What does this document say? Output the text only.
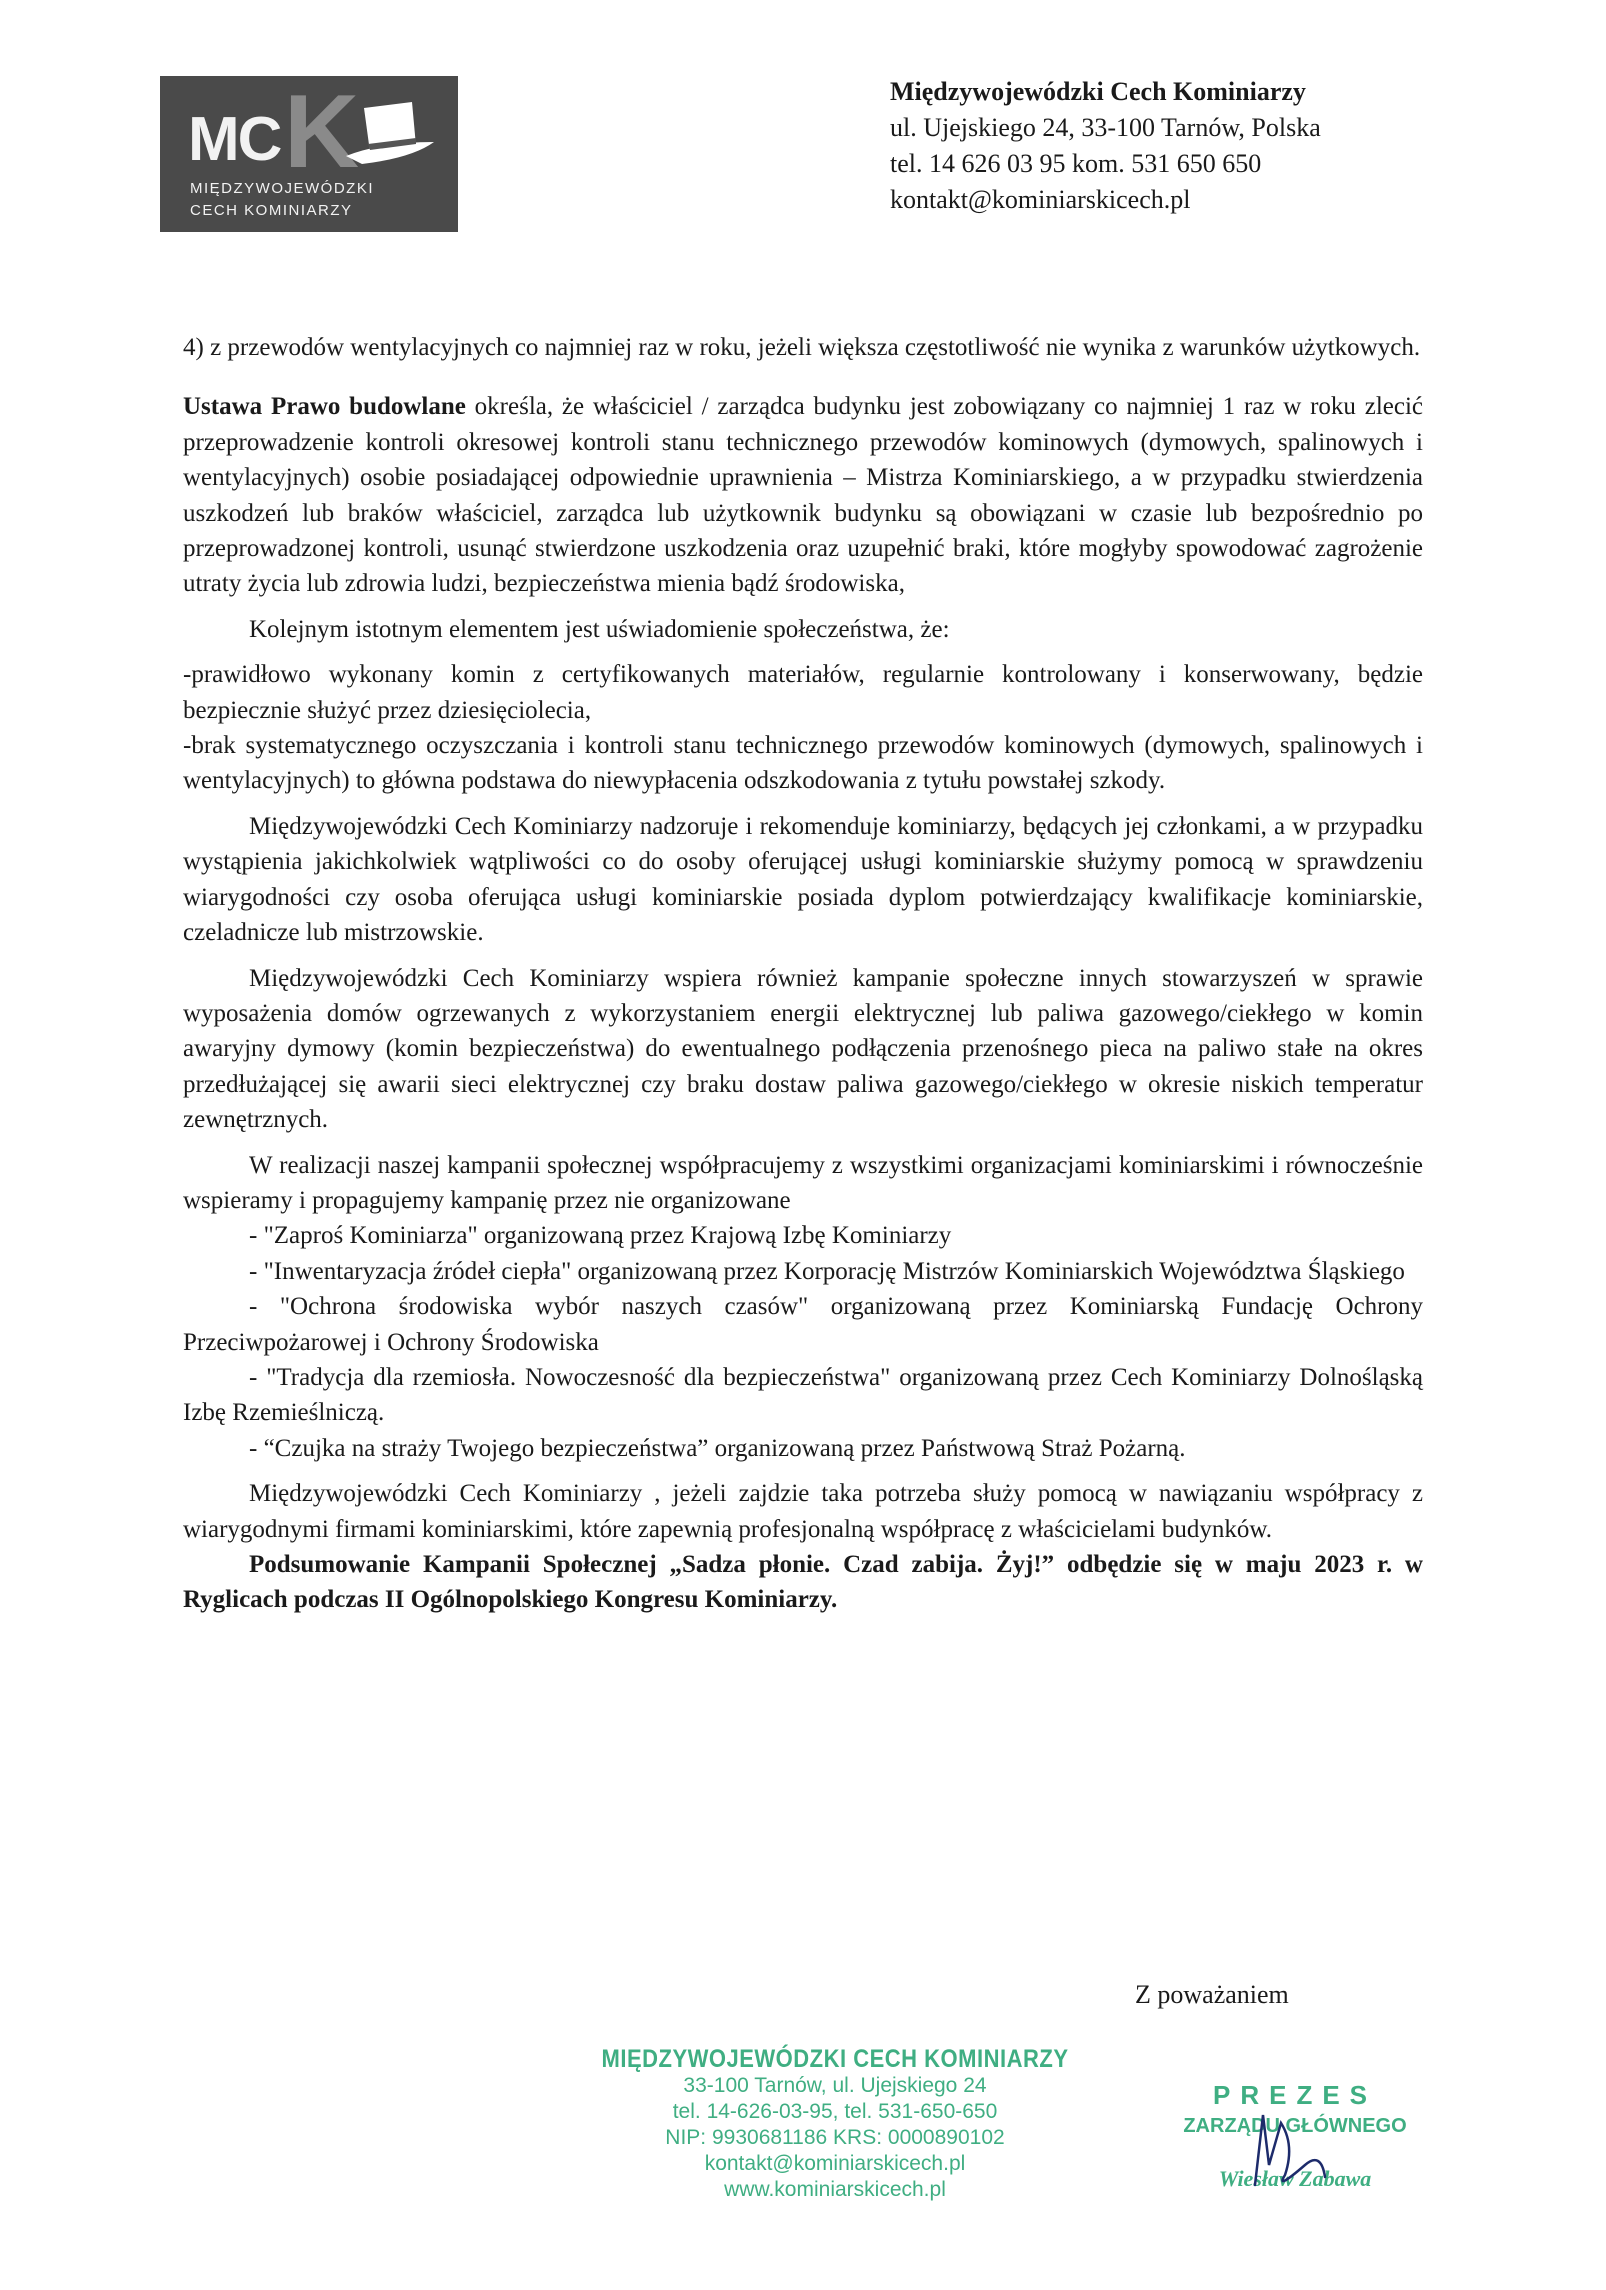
MC K
MIĘDZYWOJEWÓDZKI
CECH KOMINIARZY
Międzywojewódzki Cech Kominiarzy
ul. Ujejskiego 24, 33-100 Tarnów, Polska
tel. 14 626 03 95 kom. 531 650 650
kontakt@kominiarskicech.pl

4) z przewodów wentylacyjnych co najmniej raz w roku, jeżeli większa częstotliwość nie wynika z warunków użytkowych.

Ustawa Prawo budowlane określa, że właściciel / zarządca budynku jest zobowiązany co najmniej 1 raz w roku zlecić przeprowadzenie kontroli okresowej kontroli stanu technicznego przewodów kominowych (dymowych, spalinowych i wentylacyjnych) osobie posiadającej odpowiednie uprawnienia – Mistrza Kominiarskiego, a w przypadku stwierdzenia uszkodzeń lub braków właściciel, zarządca lub użytkownik budynku są obowiązani w czasie lub bezpośrednio po przeprowadzonej kontroli, usunąć stwierdzone uszkodzenia oraz uzupełnić braki, które mogłyby spowodować zagrożenie utraty życia lub zdrowia ludzi, bezpieczeństwa mienia bądź środowiska,

Kolejnym istotnym elementem jest uświadomienie społeczeństwa, że:

-prawidłowo wykonany komin z certyfikowanych materiałów, regularnie kontrolowany i konserwowany, będzie bezpiecznie służyć przez dziesięciolecia,

-brak systematycznego oczyszczania i kontroli stanu technicznego przewodów kominowych (dymowych, spalinowych i wentylacyjnych) to główna podstawa do niewypłacenia odszkodowania z tytułu powstałej szkody.

Międzywojewódzki Cech Kominiarzy nadzoruje i rekomenduje kominiarzy, będących jej członkami, a w przypadku wystąpienia jakichkolwiek wątpliwości co do osoby oferującej usługi kominiarskie służymy pomocą w sprawdzeniu wiarygodności czy osoba oferująca usługi kominiarskie posiada dyplom potwierdzający kwalifikacje kominiarskie, czeladnicze lub mistrzowskie.

Międzywojewódzki Cech Kominiarzy wspiera również kampanie społeczne innych stowarzyszeń w sprawie wyposażenia domów ogrzewanych z wykorzystaniem energii elektrycznej lub paliwa gazowego/ciekłego w komin awaryjny dymowy (komin bezpieczeństwa) do ewentualnego podłączenia przenośnego pieca na paliwo stałe na okres przedłużającej się awarii sieci elektrycznej czy braku dostaw paliwa gazowego/ciekłego w okresie niskich temperatur zewnętrznych.

W realizacji naszej kampanii społecznej współpracujemy z wszystkimi organizacjami kominiarskimi i równocześnie wspieramy i propagujemy kampanię przez nie organizowane

- "Zaproś Kominiarza" organizowaną przez Krajową Izbę Kominiarzy

- "Inwentaryzacja źródeł ciepła" organizowaną przez Korporację Mistrzów Kominiarskich Województwa Śląskiego

- "Ochrona środowiska wybór naszych czasów" organizowaną przez Kominiarską Fundację Ochrony Przeciwpożarowej i Ochrony Środowiska

- "Tradycja dla rzemiosła. Nowoczesność dla bezpieczeństwa" organizowaną przez Cech Kominiarzy Dolnośląską Izbę Rzemieślniczą.

- “Czujka na straży Twojego bezpieczeństwa” organizowaną przez Państwową Straż Pożarną.

Międzywojewódzki Cech Kominiarzy , jeżeli zajdzie taka potrzeba służy pomocą w nawiązaniu współpracy z wiarygodnymi firmami kominiarskimi, które zapewnią profesjonalną współpracę z właścicielami budynków.

Podsumowanie Kampanii Społecznej „Sadza płonie. Czad zabija. Żyj!” odbędzie się w maju 2023 r. w Ryglicach podczas II Ogólnopolskiego Kongresu Kominiarzy.

Z poważaniem
MIĘDZYWOJEWÓDZKI CECH KOMINIARZY
33-100 Tarnów, ul. Ujejskiego 24
tel. 14-626-03-95, tel. 531-650-650
NIP: 9930681186 KRS: 0000890102
kontakt@kominiarskicech.pl
www.kominiarskicech.pl
PREZES
ZARZĄDU GŁÓWNEGO
Wiesław Zabawa
